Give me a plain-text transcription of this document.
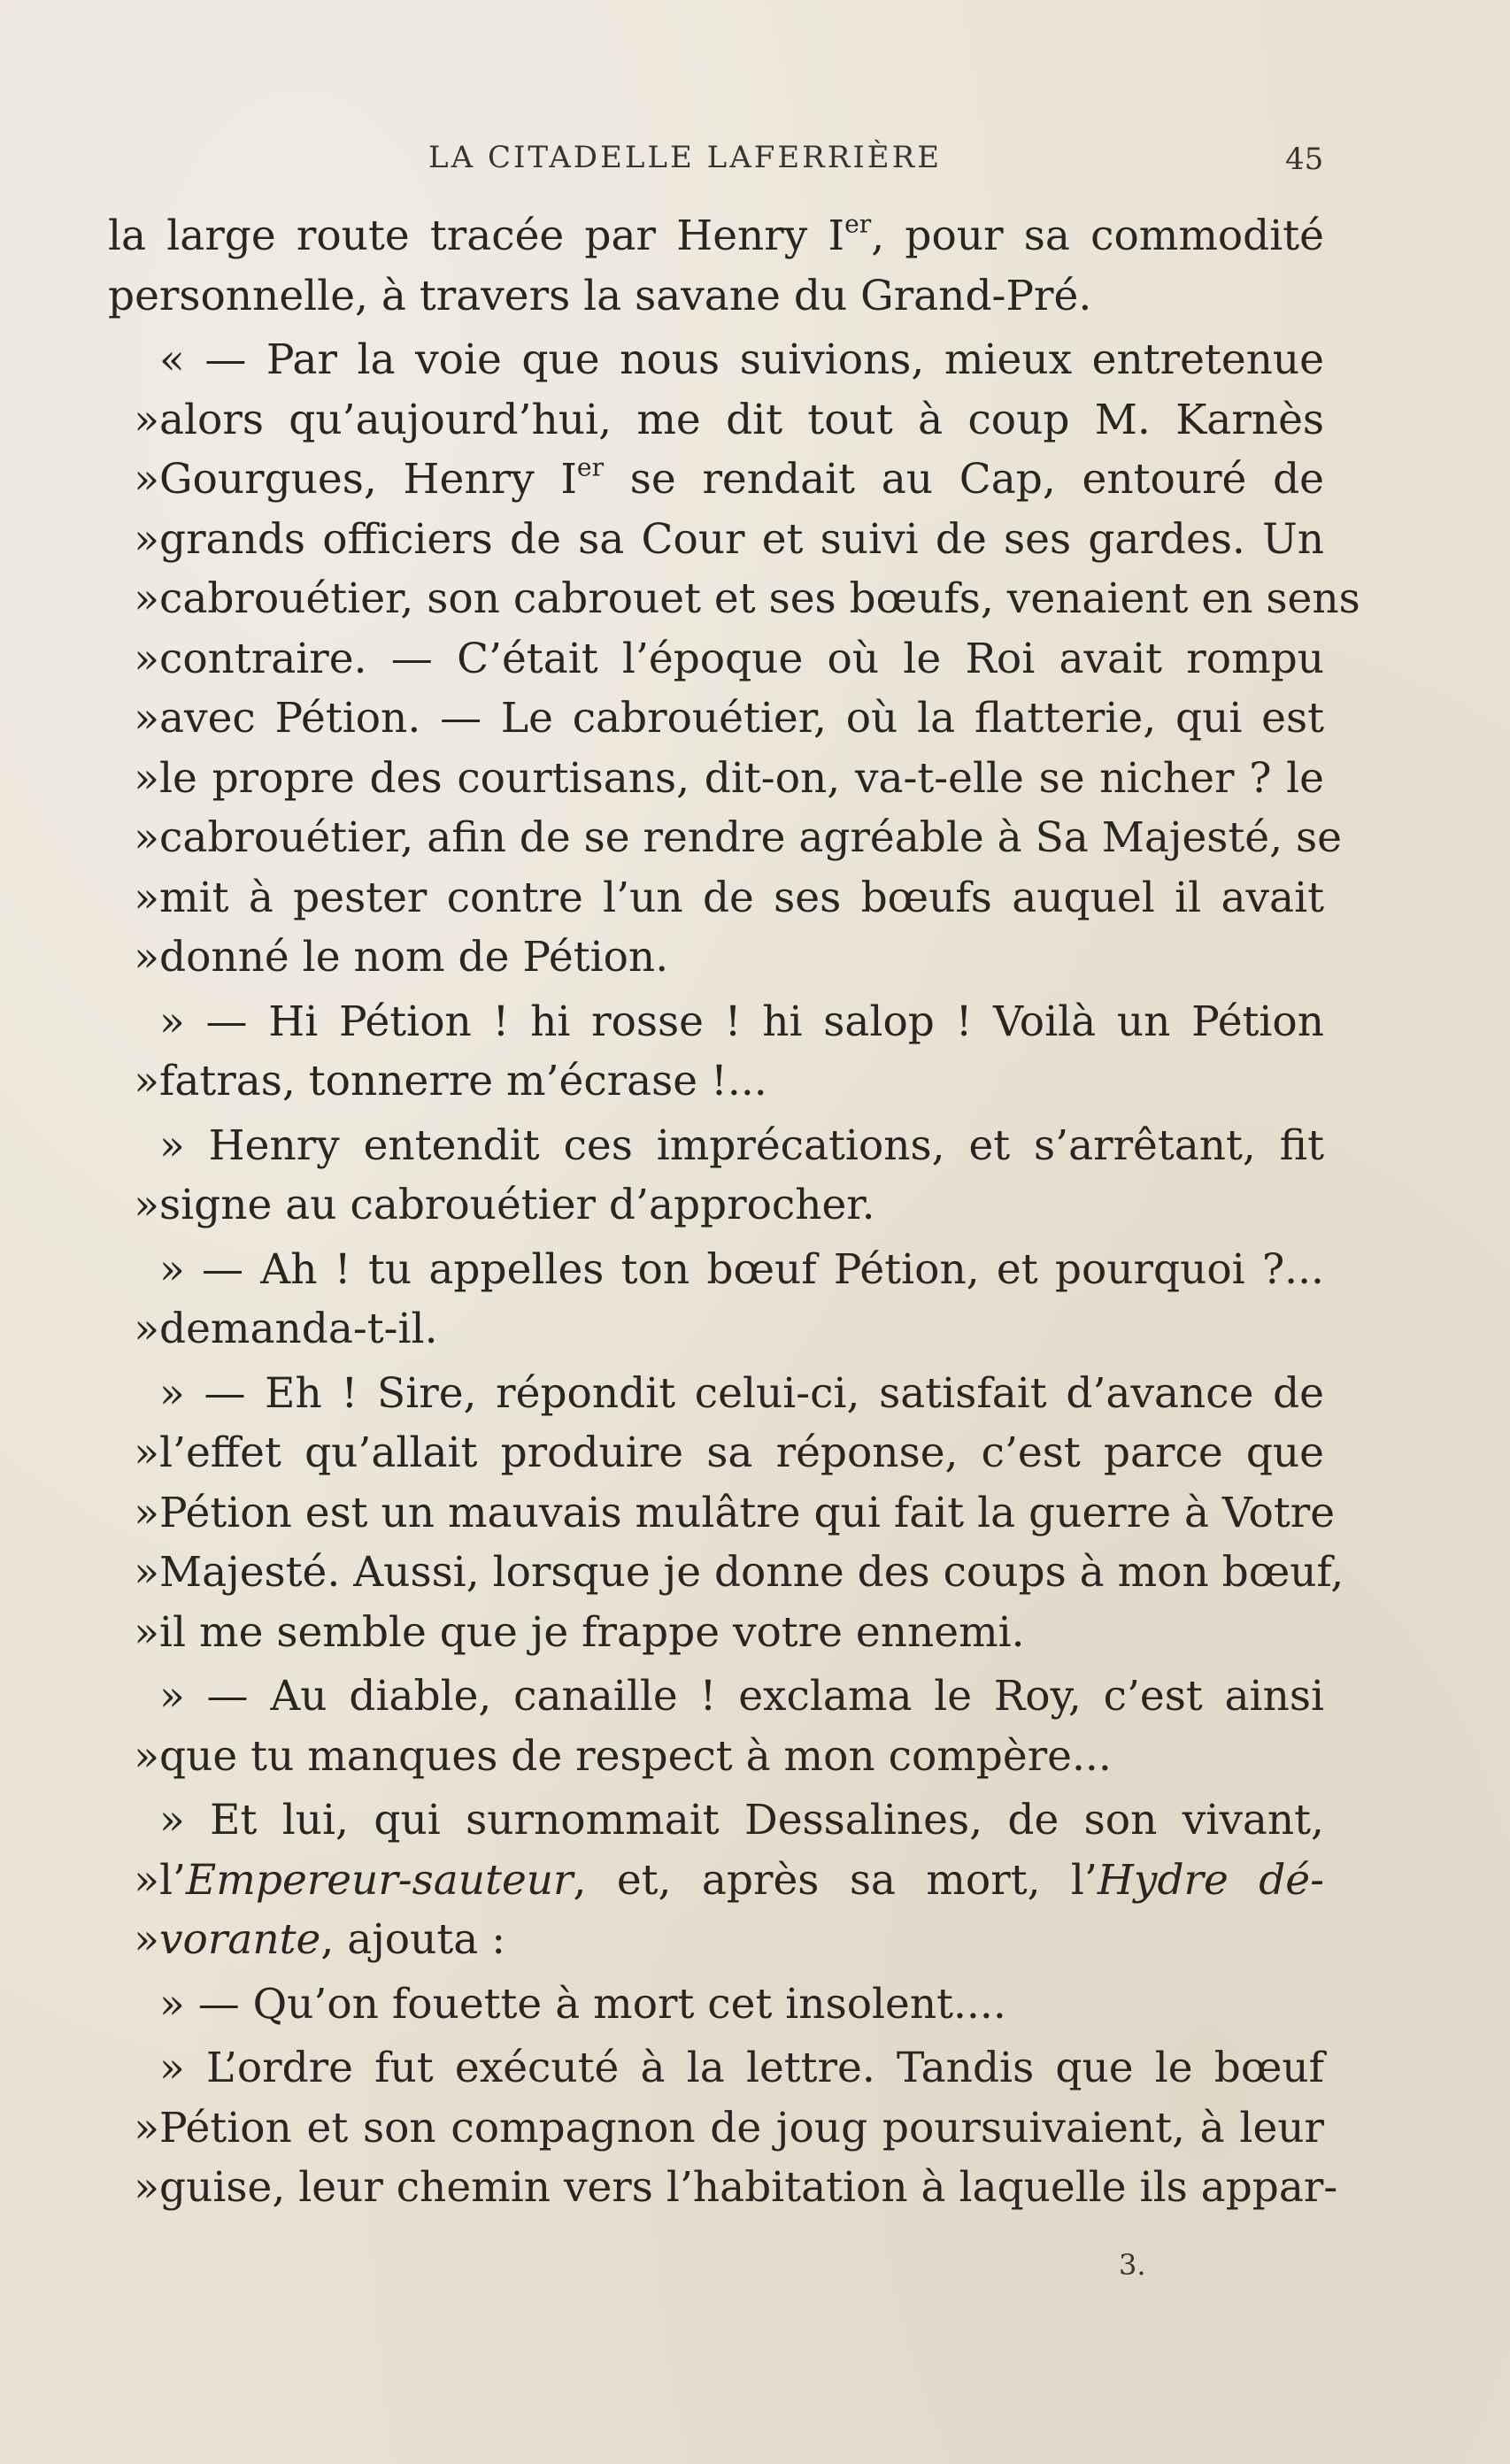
LA CITADELLE LAFERRIÈRE	45
la large route tracée par Henry Ier, pour sa commodité
personnelle, à travers la savane du Grand-Pré.
« — Par la voie que nous suivions, mieux entretenue
» alors qu’aujourd’hui, me dit tout à coup M. Karnès
» Gourgues, Henry Ier se rendait au Cap, entouré de
» grands officiers de sa Cour et suivi de ses gardes. Un
» cabrouétier, son cabrouet et ses bœufs, venaient en sens
» contraire. — C’était l’époque où le Roi avait rompu
» avec Pétion. — Le cabrouétier, où la flatterie, qui est
» le propre des courtisans, dit-on, va-t-elle se nicher ? le
» cabrouétier, afin de se rendre agréable à Sa Majesté, se
» mit à pester contre l’un de ses bœufs auquel il avait
» donné le nom de Pétion.
» — Hi Pétion ! hi rosse ! hi salop ! Voilà un Pétion
» fatras, tonnerre m’écrase !...
» Henry entendit ces imprécations, et s’arrêtant, fit
» signe au cabrouétier d’approcher.
» — Ah ! tu appelles ton bœuf Pétion, et pourquoi ?...
» demanda-t-il.
» — Eh ! Sire, répondit celui-ci, satisfait d’avance de
» l’effet qu’allait produire sa réponse, c’est parce que
» Pétion est un mauvais mulâtre qui fait la guerre à Votre
» Majesté. Aussi, lorsque je donne des coups à mon bœuf,
» il me semble que je frappe votre ennemi.
» — Au diable, canaille ! exclama le Roy, c’est ainsi
» que tu manques de respect à mon compère...
» Et lui, qui surnommait Dessalines, de son vivant,
» l’Empereur-sauteur, et, après sa mort, l’Hydre dé-
» vorante, ajouta :
» — Qu’on fouette à mort cet insolent....
» L’ordre fut exécuté à la lettre. Tandis que le bœuf
» Pétion et son compagnon de joug poursuivaient, à leur
» guise, leur chemin vers l’habitation à laquelle ils appar-
3.
